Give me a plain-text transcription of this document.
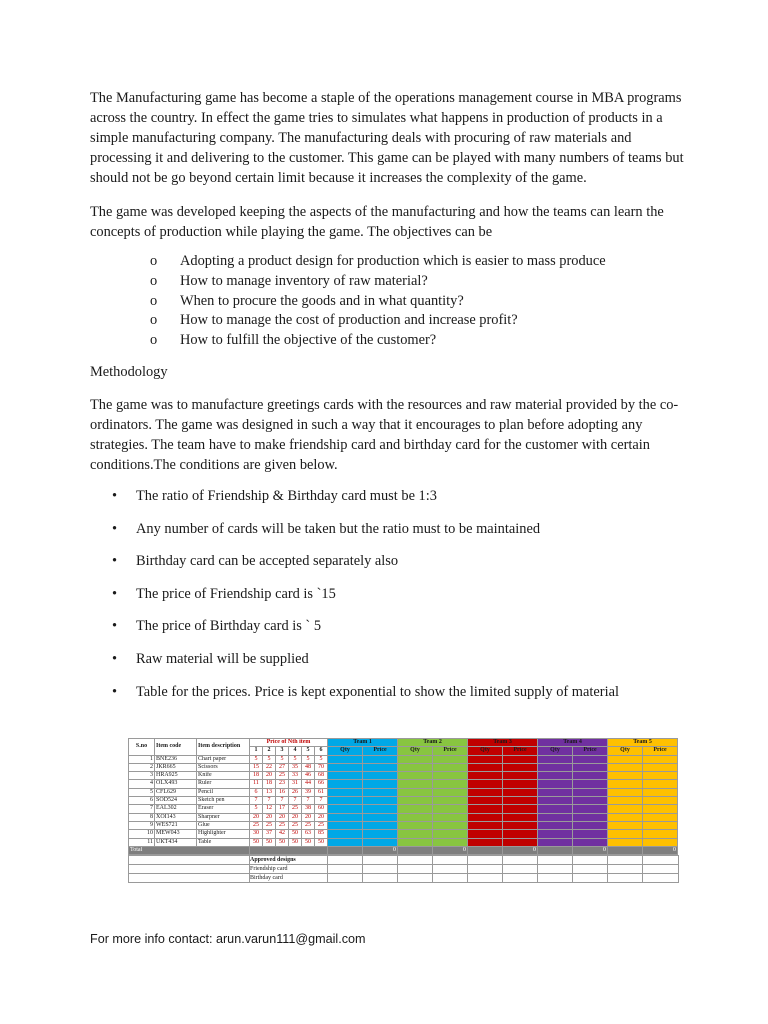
The Manufacturing game has become a staple of the operations management course in MBA programs across the country. In effect the game tries to simulates what happens in production of products in a simple manufacturing company. The manufacturing deals with procuring of raw materials and processing it and delivering to the customer. This game can be played with many numbers of teams but should not be go beyond certain limit because it increases the complexity of the game.

The game was developed keeping the aspects of the manufacturing and how the teams can learn the concepts of production while playing the game. The objectives can be

o Adopting a product design for production which is easier to mass produce
o How to manage inventory of raw material?
o When to procure the goods and in what quantity?
o How to manage the cost of production and increase profit?
o How to fulfill the objective of the customer?

Methodology

The game was to manufacture greetings cards with the resources and raw material provided by the co-ordinators. The game was designed in such a way that it encourages to plan before adopting any strategies. The team have to make friendship card and birthday card for the customer with certain conditions.The conditions are given below.

• The ratio of Friendship & Birthday card must be 1:3
• Any number of cards will be taken but the ratio must to be maintained
• Birthday card can be accepted separately also
• The price of Friendship card is `15
• The price of Birthday card is ` 5
• Raw material will be supplied
• Table for the prices. Price is kept exponential to show the limited supply of material
S.no	Item code	Item description	Price of Nth item						Team 1		Team 2		Team 3		Team 4		Team 5	
			1	2	3	4	5	6	Qty	Price	Qty	Price	Qty	Price	Qty	Price	Qty	Price
1	BNE236	Chart paper	5	5	5	5	5	5										
2	JKR665	Scissors	15	22	27	35	48	70										
3	HRA925	Knife	18	20	25	33	46	68										
4	OLX493	Ruler	11	18	23	31	44	66										
5	CFL629	Pencil	6	13	16	26	39	61										
6	SOD524	Sketch pen	7	7	7	7	7	7										
7	EAL302	Eraser	5	12	17	25	38	60										
8	XOI143	Sharpner	20	20	20	20	20	20										
9	WES721	Glue	25	25	25	25	25	25										
10	MEW043	Highlighter	30	37	42	50	63	85										
11	UKT434	Table	50	50	50	50	50	50										
Total										0		0		0		0		0
	Approved designs										
	Friendship card										
	Birthday card										
For more info contact: arun.varun111@gmail.com
